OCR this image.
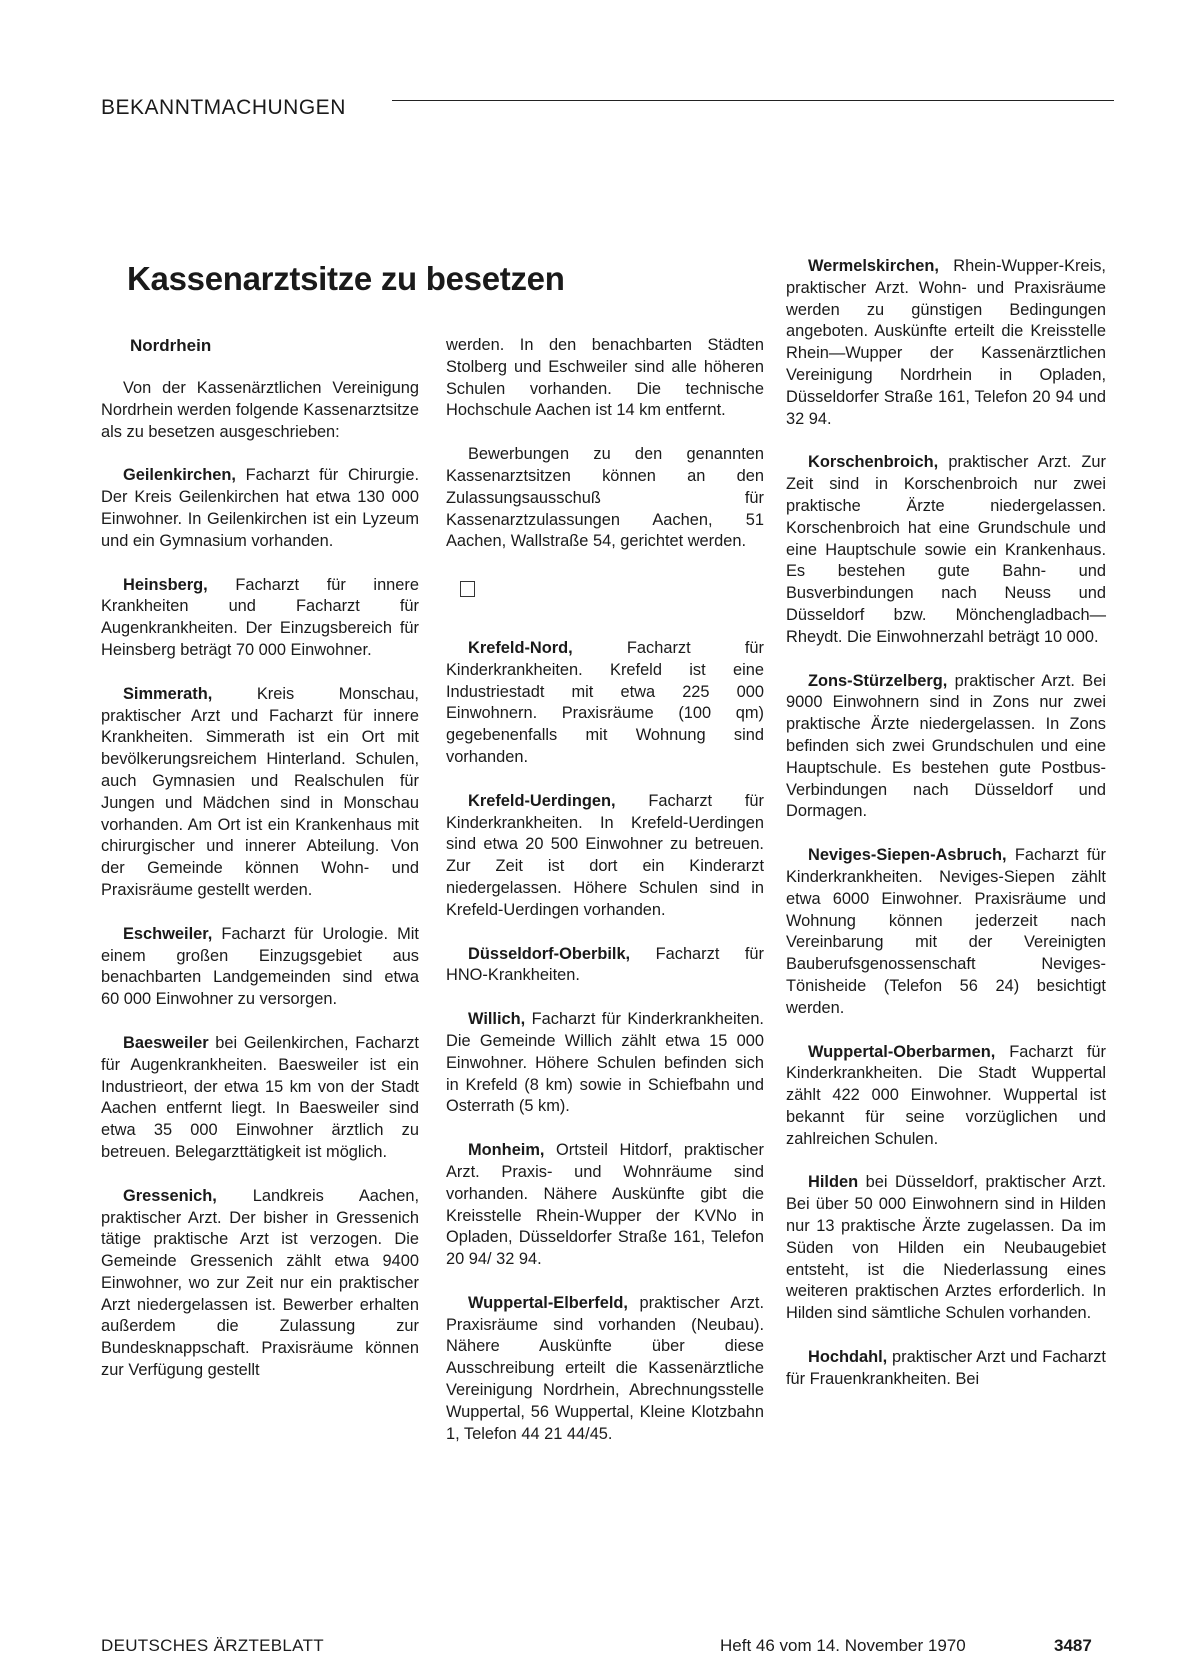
BEKANNTMACHUNGEN
Kassenarztsitze zu besetzen
Nordrhein

Von der Kassenärztlichen Vereinigung Nordrhein werden folgende Kassenarztsitze als zu besetzen ausgeschrieben:

Geilenkirchen, Facharzt für Chirurgie. Der Kreis Geilenkirchen hat etwa 130 000 Einwohner. In Geilenkirchen ist ein Lyzeum und ein Gymnasium vorhanden.

Heinsberg, Facharzt für innere Krankheiten und Facharzt für Augenkrankheiten. Der Einzugsbereich für Heinsberg beträgt 70 000 Einwohner.

Simmerath, Kreis Monschau, praktischer Arzt und Facharzt für innere Krankheiten. Simmerath ist ein Ort mit bevölkerungsreichem Hinterland. Schulen, auch Gymnasien und Realschulen für Jungen und Mädchen sind in Monschau vorhanden. Am Ort ist ein Krankenhaus mit chirurgischer und innerer Abteilung. Von der Gemeinde können Wohn- und Praxisräume gestellt werden.

Eschweiler, Facharzt für Urologie. Mit einem großen Einzugsgebiet aus benachbarten Landgemeinden sind etwa 60 000 Einwohner zu versorgen.

Baesweiler bei Geilenkirchen, Facharzt für Augenkrankheiten. Baesweiler ist ein Industrieort, der etwa 15 km von der Stadt Aachen entfernt liegt. In Baesweiler sind etwa 35 000 Einwohner ärztlich zu betreuen. Belegarzttätigkeit ist möglich.

Gressenich, Landkreis Aachen, praktischer Arzt. Der bisher in Gressenich tätige praktische Arzt ist verzogen. Die Gemeinde Gressenich zählt etwa 9400 Einwohner, wo zur Zeit nur ein praktischer Arzt niedergelassen ist. Bewerber erhalten außerdem die Zulassung zur Bundesknappschaft. Praxisräume können zur Verfügung gestellt

werden. In den benachbarten Städten Stolberg und Eschweiler sind alle höheren Schulen vorhanden. Die technische Hochschule Aachen ist 14 km entfernt.

Bewerbungen zu den genannten Kassenarztsitzen können an den Zulassungsausschuß für Kassenarztzulassungen Aachen, 51 Aachen, Wallstraße 54, gerichtet werden.

Krefeld-Nord, Facharzt für Kinderkrankheiten. Krefeld ist eine Industriestadt mit etwa 225 000 Einwohnern. Praxisräume (100 qm) gegebenenfalls mit Wohnung sind vorhanden.

Krefeld-Uerdingen, Facharzt für Kinderkrankheiten. In Krefeld-Uerdingen sind etwa 20 500 Einwohner zu betreuen. Zur Zeit ist dort ein Kinderarzt niedergelassen. Höhere Schulen sind in Krefeld-Uerdingen vorhanden.

Düsseldorf-Oberbilk, Facharzt für HNO-Krankheiten.

Willich, Facharzt für Kinderkrankheiten. Die Gemeinde Willich zählt etwa 15 000 Einwohner. Höhere Schulen befinden sich in Krefeld (8 km) sowie in Schiefbahn und Osterrath (5 km).

Monheim, Ortsteil Hitdorf, praktischer Arzt. Praxis- und Wohnräume sind vorhanden. Nähere Auskünfte gibt die Kreisstelle Rhein-Wupper der KVNo in Opladen, Düsseldorfer Straße 161, Telefon 20 94/ 32 94.

Wuppertal-Elberfeld, praktischer Arzt. Praxisräume sind vorhanden (Neubau). Nähere Auskünfte über diese Ausschreibung erteilt die Kassenärztliche Vereinigung Nordrhein, Abrechnungsstelle Wuppertal, 56 Wuppertal, Kleine Klotzbahn 1, Telefon 44 21 44/45.

Wermelskirchen, Rhein-Wupper-Kreis, praktischer Arzt. Wohn- und Praxisräume werden zu günstigen Bedingungen angeboten. Auskünfte erteilt die Kreisstelle Rhein—Wupper der Kassenärztlichen Vereinigung Nordrhein in Opladen, Düsseldorfer Straße 161, Telefon 20 94 und 32 94.

Korschenbroich, praktischer Arzt. Zur Zeit sind in Korschenbroich nur zwei praktische Ärzte niedergelassen. Korschenbroich hat eine Grundschule und eine Hauptschule sowie ein Krankenhaus. Es bestehen gute Bahn- und Busverbindungen nach Neuss und Düsseldorf bzw. Mönchengladbach—Rheydt. Die Einwohnerzahl beträgt 10 000.

Zons-Stürzelberg, praktischer Arzt. Bei 9000 Einwohnern sind in Zons nur zwei praktische Ärzte niedergelassen. In Zons befinden sich zwei Grundschulen und eine Hauptschule. Es bestehen gute Postbus-Verbindungen nach Düsseldorf und Dormagen.

Neviges-Siepen-Asbruch, Facharzt für Kinderkrankheiten. Neviges-Siepen zählt etwa 6000 Einwohner. Praxisräume und Wohnung können jederzeit nach Vereinbarung mit der Vereinigten Bauberufsgenossenschaft Neviges-Tönisheide (Telefon 56 24) besichtigt werden.

Wuppertal-Oberbarmen, Facharzt für Kinderkrankheiten. Die Stadt Wuppertal zählt 422 000 Einwohner. Wuppertal ist bekannt für seine vorzüglichen und zahlreichen Schulen.

Hilden bei Düsseldorf, praktischer Arzt. Bei über 50 000 Einwohnern sind in Hilden nur 13 praktische Ärzte zugelassen. Da im Süden von Hilden ein Neubaugebiet entsteht, ist die Niederlassung eines weiteren praktischen Arztes erforderlich. In Hilden sind sämtliche Schulen vorhanden.

Hochdahl, praktischer Arzt und Facharzt für Frauenkrankheiten. Bei

DEUTSCHES ÄRZTEBLATT	Heft 46 vom 14. November 1970	3487
